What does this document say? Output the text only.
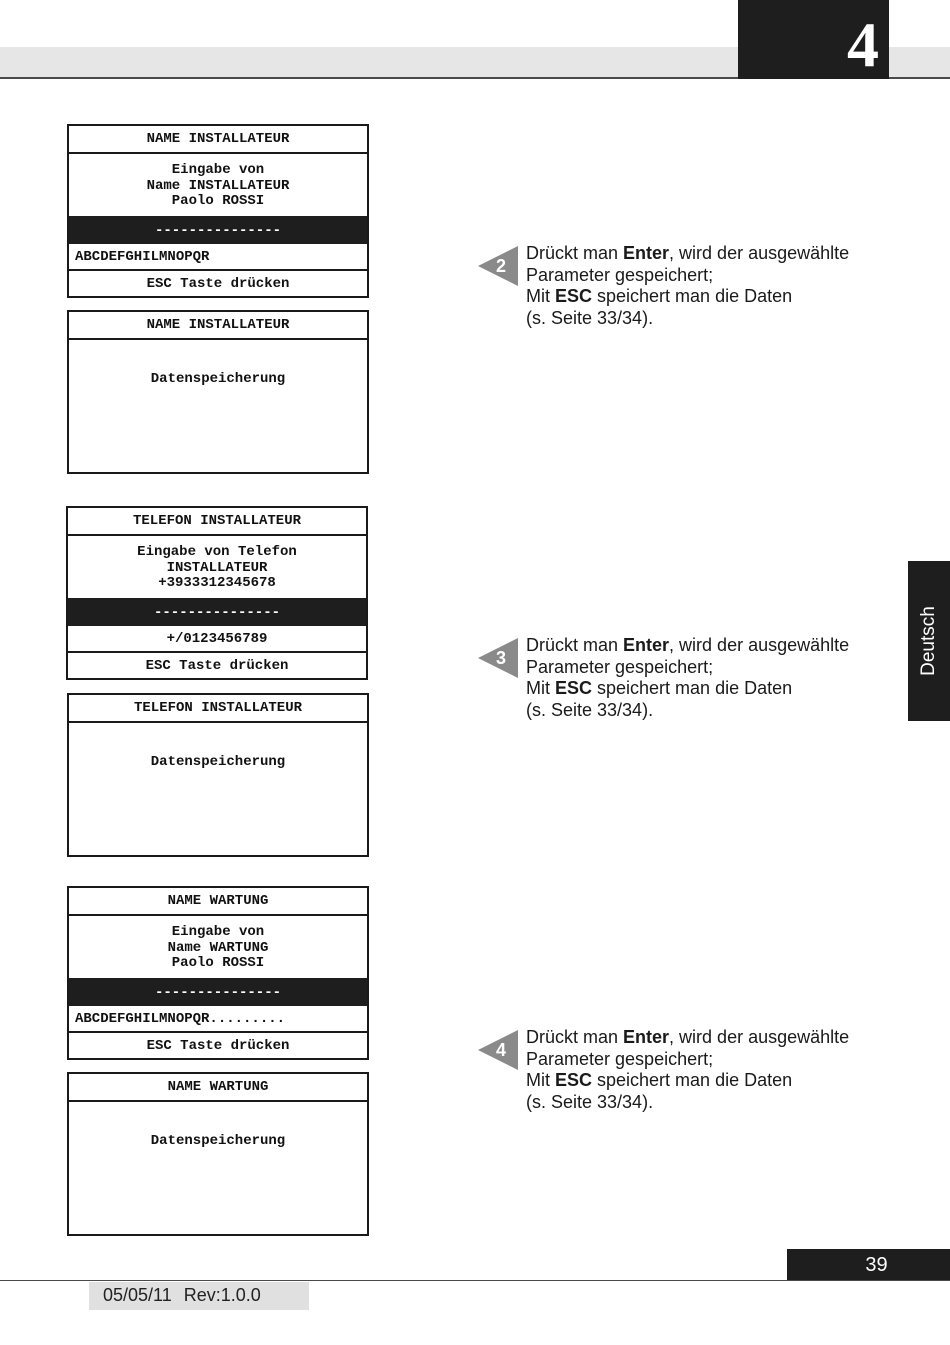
4
Deutsch
NAME INSTALLATEUR
Eingabe von
Name INSTALLATEUR
Paolo ROSSI
---------------
ABCDEFGHILMNOPQR
ESC Taste drücken
NAME INSTALLATEUR
Datenspeicherung
2
Drückt man Enter, wird der ausgewählte
Parameter gespeichert;
Mit ESC speichert man die Daten
(s. Seite 33/34).
TELEFON INSTALLATEUR
Eingabe von Telefon
INSTALLATEUR
+3933312345678
---------------
+/0123456789
ESC Taste drücken
TELEFON INSTALLATEUR
Datenspeicherung
3
Drückt man Enter, wird der ausgewählte
Parameter gespeichert;
Mit ESC speichert man die Daten
(s. Seite 33/34).
NAME WARTUNG
Eingabe von
Name WARTUNG
Paolo ROSSI
---------------
ABCDEFGHILMNOPQR.........
ESC Taste drücken
NAME WARTUNG
Datenspeicherung
4
Drückt man Enter, wird der ausgewählte
Parameter gespeichert;
Mit ESC speichert man die Daten
(s. Seite 33/34).
39
05/05/11 Rev:1.0.0
